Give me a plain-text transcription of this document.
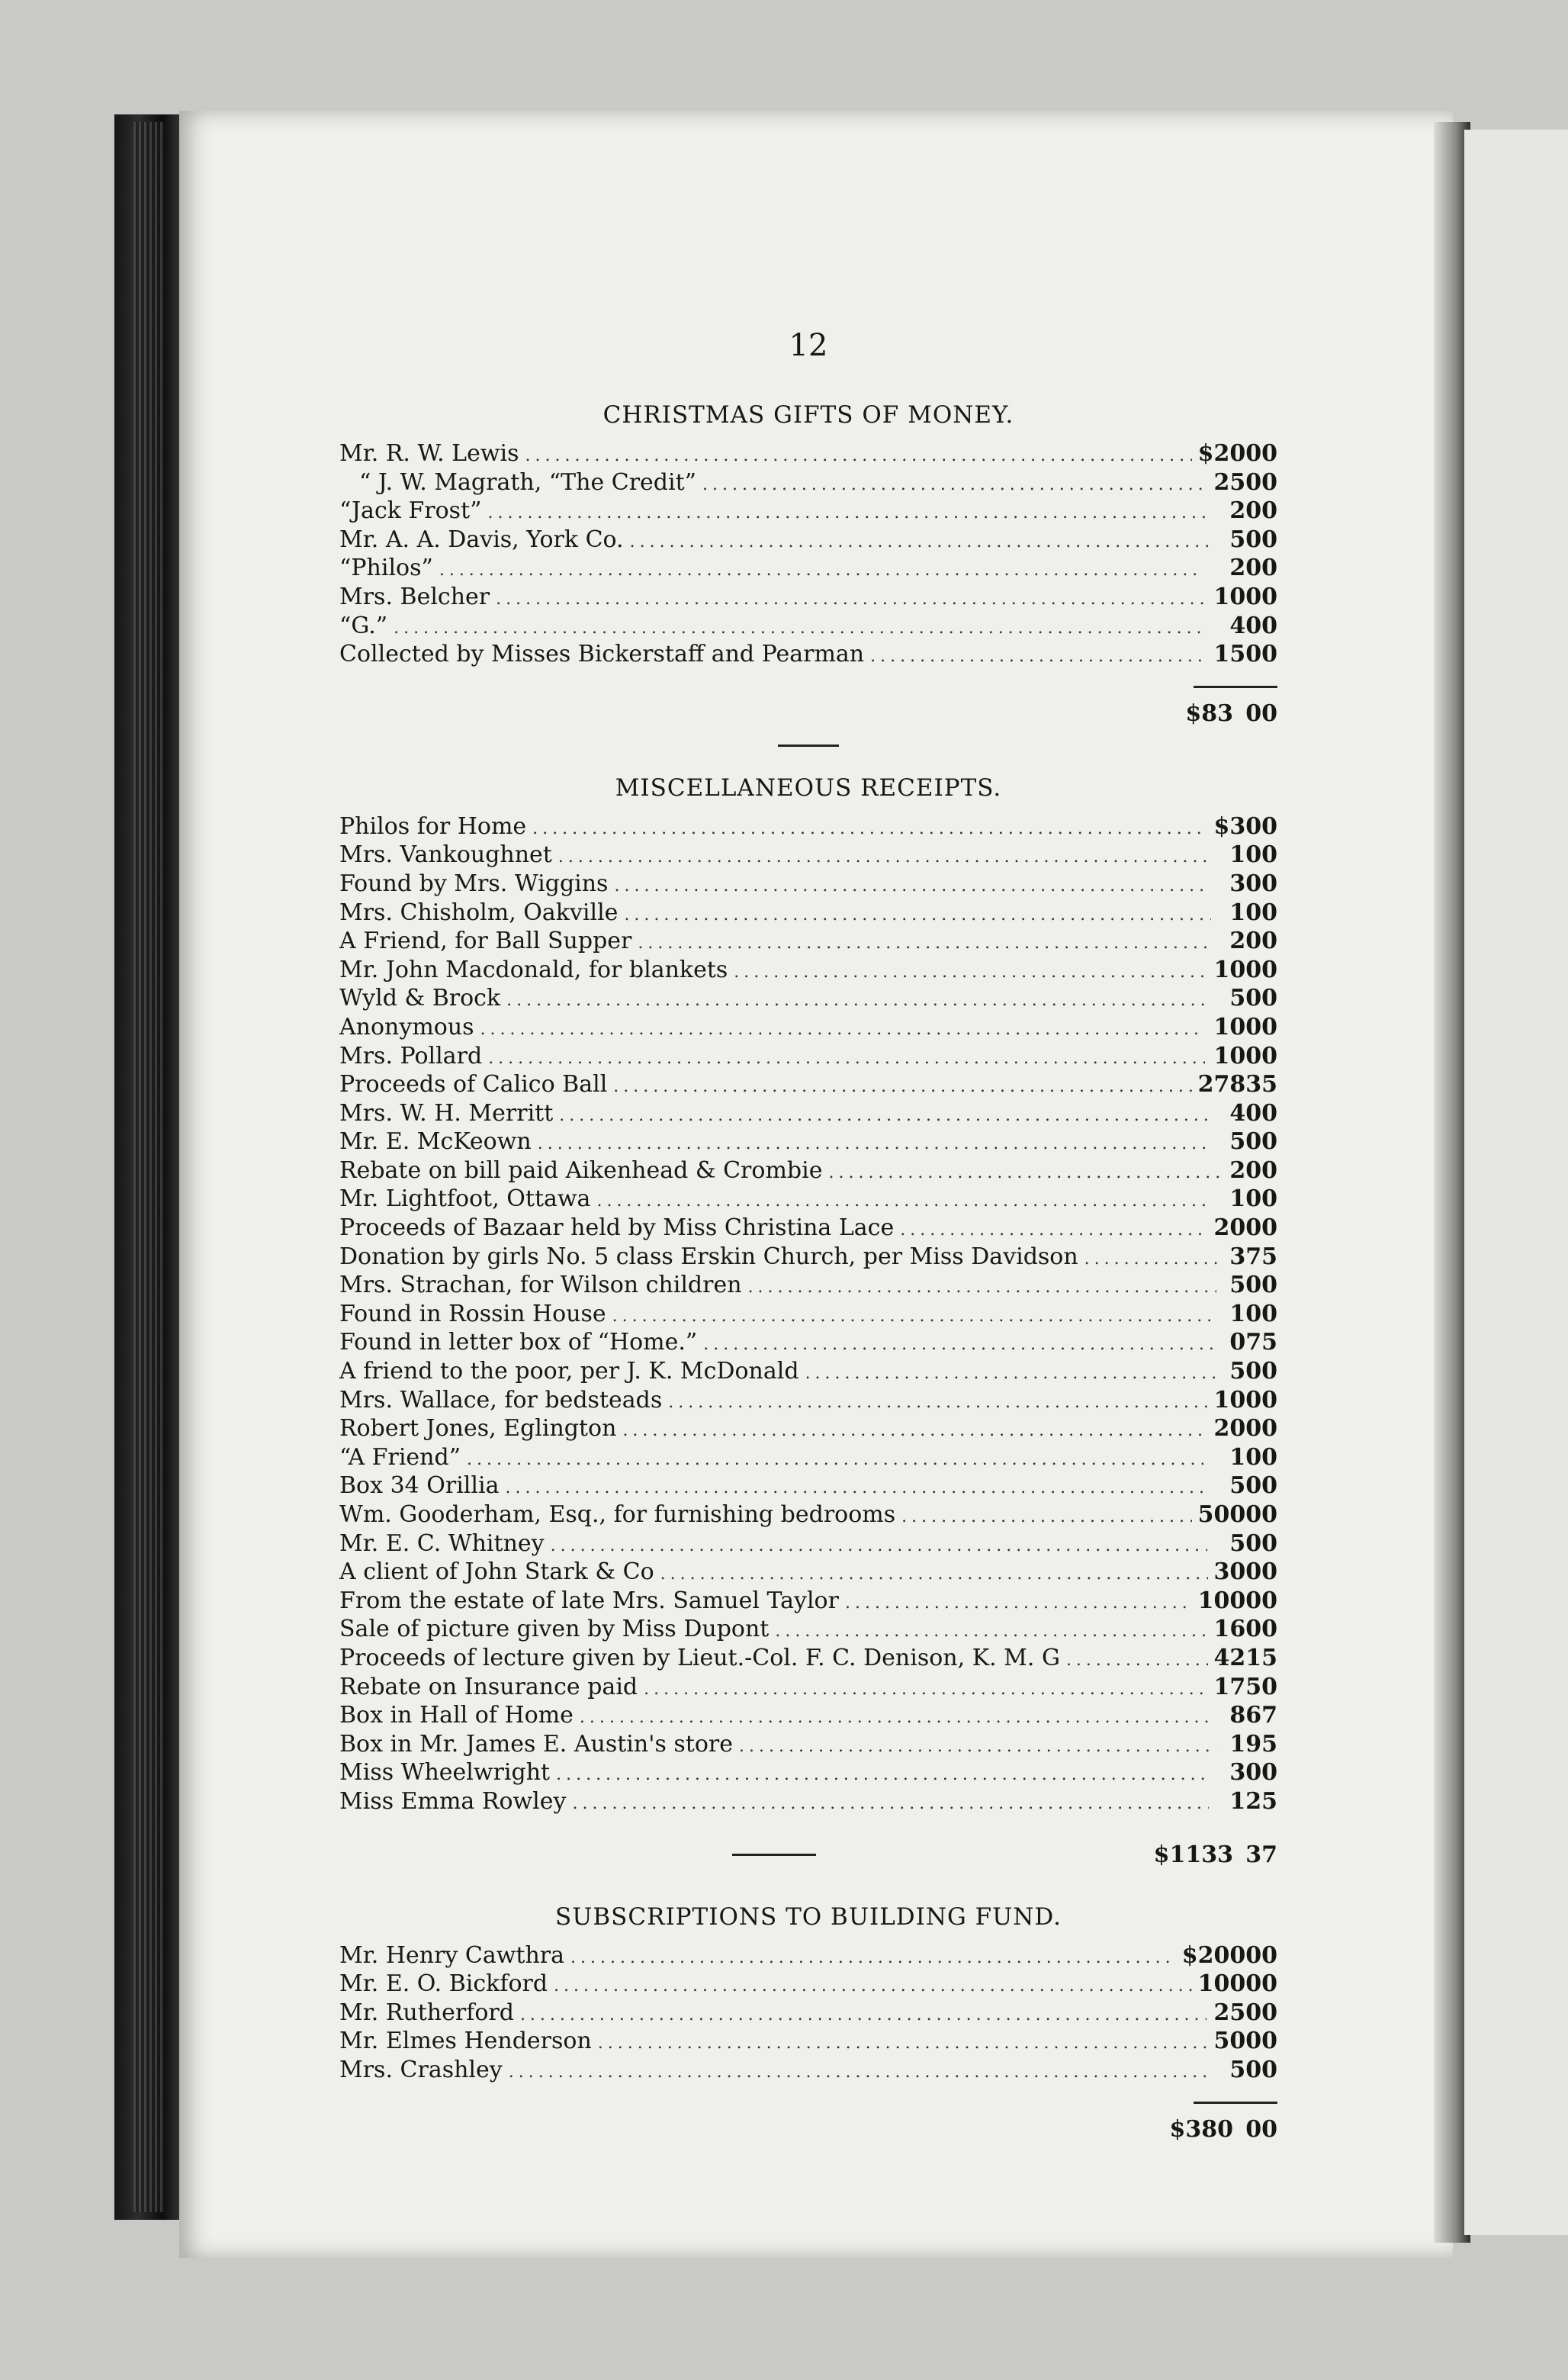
12
CHRISTMAS GIFTS OF MONEY.
Mr. R. W. Lewis .....	$20 00
“ J. W. Magrath, “The Credit” .....	25 00
“Jack Frost” .....	2 00
Mr. A. A. Davis, York Co. .....	5 00
“Philos” .....	2 00
Mrs. Belcher .....	10 00
“G.” .....	4 00
Collected by Misses Bickerstaff and Pearman .....	15 00
$83 00
MISCELLANEOUS RECEIPTS.
Philos for Home .....	$3 00
Mrs. Vankoughnet .....	1 00
Found by Mrs. Wiggins .....	3 00
Mrs. Chisholm, Oakville .....	1 00
A Friend, for Ball Supper .....	2 00
Mr. John Macdonald, for blankets .....	10 00
Wyld & Brock .....	5 00
Anonymous .....	10 00
Mrs. Pollard .....	10 00
Proceeds of Calico Ball .....	278 35
Mrs. W. H. Merritt .....	4 00
Mr. E. McKeown .....	5 00
Rebate on bill paid Aikenhead & Crombie .....	2 00
Mr. Lightfoot, Ottawa .....	1 00
Proceeds of Bazaar held by Miss Christina Lace .....	20 00
Donation by girls No. 5 class Erskin Church, per Miss Davidson .....	3 75
Mrs. Strachan, for Wilson children .....	5 00
Found in Rossin House .....	1 00
Found in letter box of “Home.” .....	0 75
A friend to the poor, per J. K. McDonald .....	5 00
Mrs. Wallace, for bedsteads .....	10 00
Robert Jones, Eglington .....	20 00
“A Friend” .....	1 00
Box 34 Orillia .....	5 00
Wm. Gooderham, Esq., for furnishing bedrooms .....	500 00
Mr. E. C. Whitney .....	5 00
A client of John Stark & Co .....	30 00
From the estate of late Mrs. Samuel Taylor .....	100 00
Sale of picture given by Miss Dupont .....	16 00
Proceeds of lecture given by Lieut.-Col. F. C. Denison, K. M. G .....	42 15
Rebate on Insurance paid .....	17 50
Box in Hall of Home .....	8 67
Box in Mr. James E. Austin's store .....	1 95
Miss Wheelwright .....	3 00
Miss Emma Rowley .....	1 25
$1133 37
SUBSCRIPTIONS TO BUILDING FUND.
Mr. Henry Cawthra .....	$200 00
Mr. E. O. Bickford .....	100 00
Mr. Rutherford .....	25 00
Mr. Elmes Henderson .....	50 00
Mrs. Crashley .....	5 00
$380 00
